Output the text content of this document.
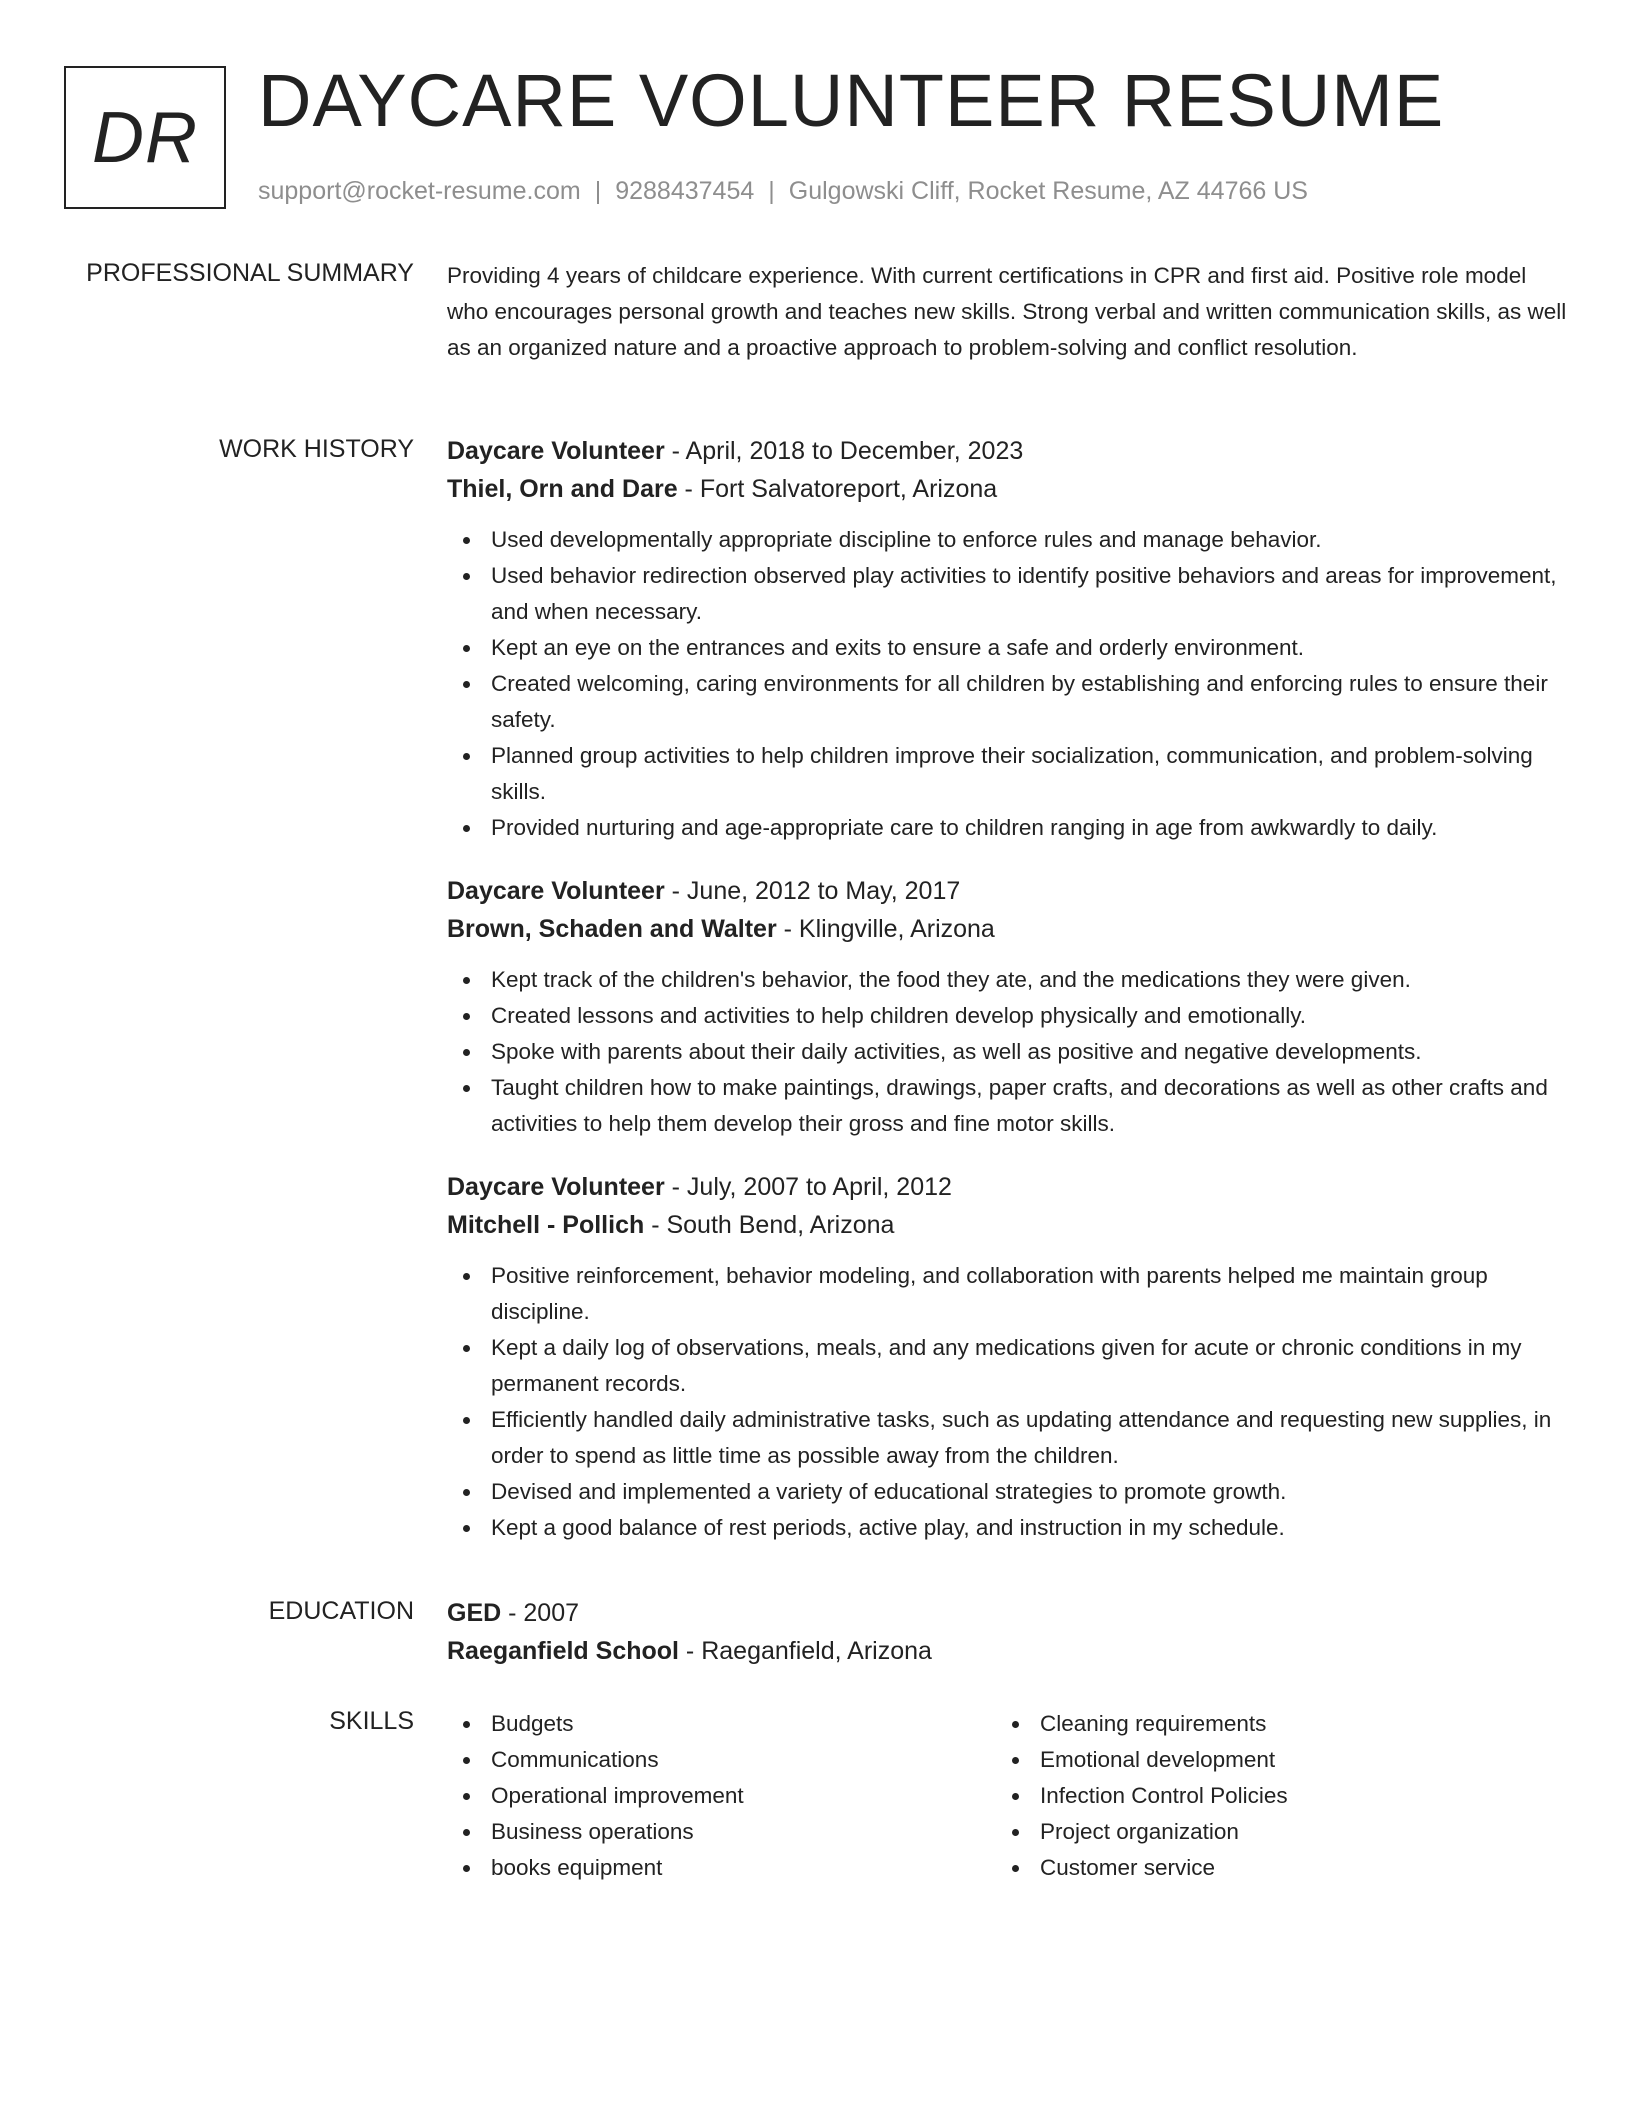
DR DAYCARE VOLUNTEER RESUME
support@rocket-resume.com | 9288437454 | Gulgowski Cliff, Rocket Resume, AZ 44766 US
PROFESSIONAL SUMMARY Providing 4 years of childcare experience. With current certifications in CPR and first aid. Positive role model who encourages personal growth and teaches new skills. Strong verbal and written communication skills, as well as an organized nature and a proactive approach to problem-solving and conflict resolution.

WORK HISTORY Daycare Volunteer - April, 2018 to December, 2023
Thiel, Orn and Dare - Fort Salvatoreport, Arizona
Used developmentally appropriate discipline to enforce rules and manage behavior.
Used behavior redirection observed play activities to identify positive behaviors and areas for improvement, and when necessary.
Kept an eye on the entrances and exits to ensure a safe and orderly environment.
Created welcoming, caring environments for all children by establishing and enforcing rules to ensure their safety.
Planned group activities to help children improve their socialization, communication, and problem-solving skills.
Provided nurturing and age-appropriate care to children ranging in age from awkwardly to daily.
Daycare Volunteer - June, 2012 to May, 2017
Brown, Schaden and Walter - Klingville, Arizona
Kept track of the children's behavior, the food they ate, and the medications they were given.
Created lessons and activities to help children develop physically and emotionally.
Spoke with parents about their daily activities, as well as positive and negative developments.
Taught children how to make paintings, drawings, paper crafts, and decorations as well as other crafts and activities to help them develop their gross and fine motor skills.
Daycare Volunteer - July, 2007 to April, 2012
Mitchell - Pollich - South Bend, Arizona
Positive reinforcement, behavior modeling, and collaboration with parents helped me maintain group discipline.
Kept a daily log of observations, meals, and any medications given for acute or chronic conditions in my permanent records.
Efficiently handled daily administrative tasks, such as updating attendance and requesting new supplies, in order to spend as little time as possible away from the children.
Devised and implemented a variety of educational strategies to promote growth.
Kept a good balance of rest periods, active play, and instruction in my schedule.
EDUCATION GED - 2007
Raeganfield School - Raeganfield, Arizona
SKILLS	Budgets
Communications
Operational improvement
Business operations
books equipment
Cleaning requirements
Emotional development
Infection Control Policies
Project organization
Customer service
